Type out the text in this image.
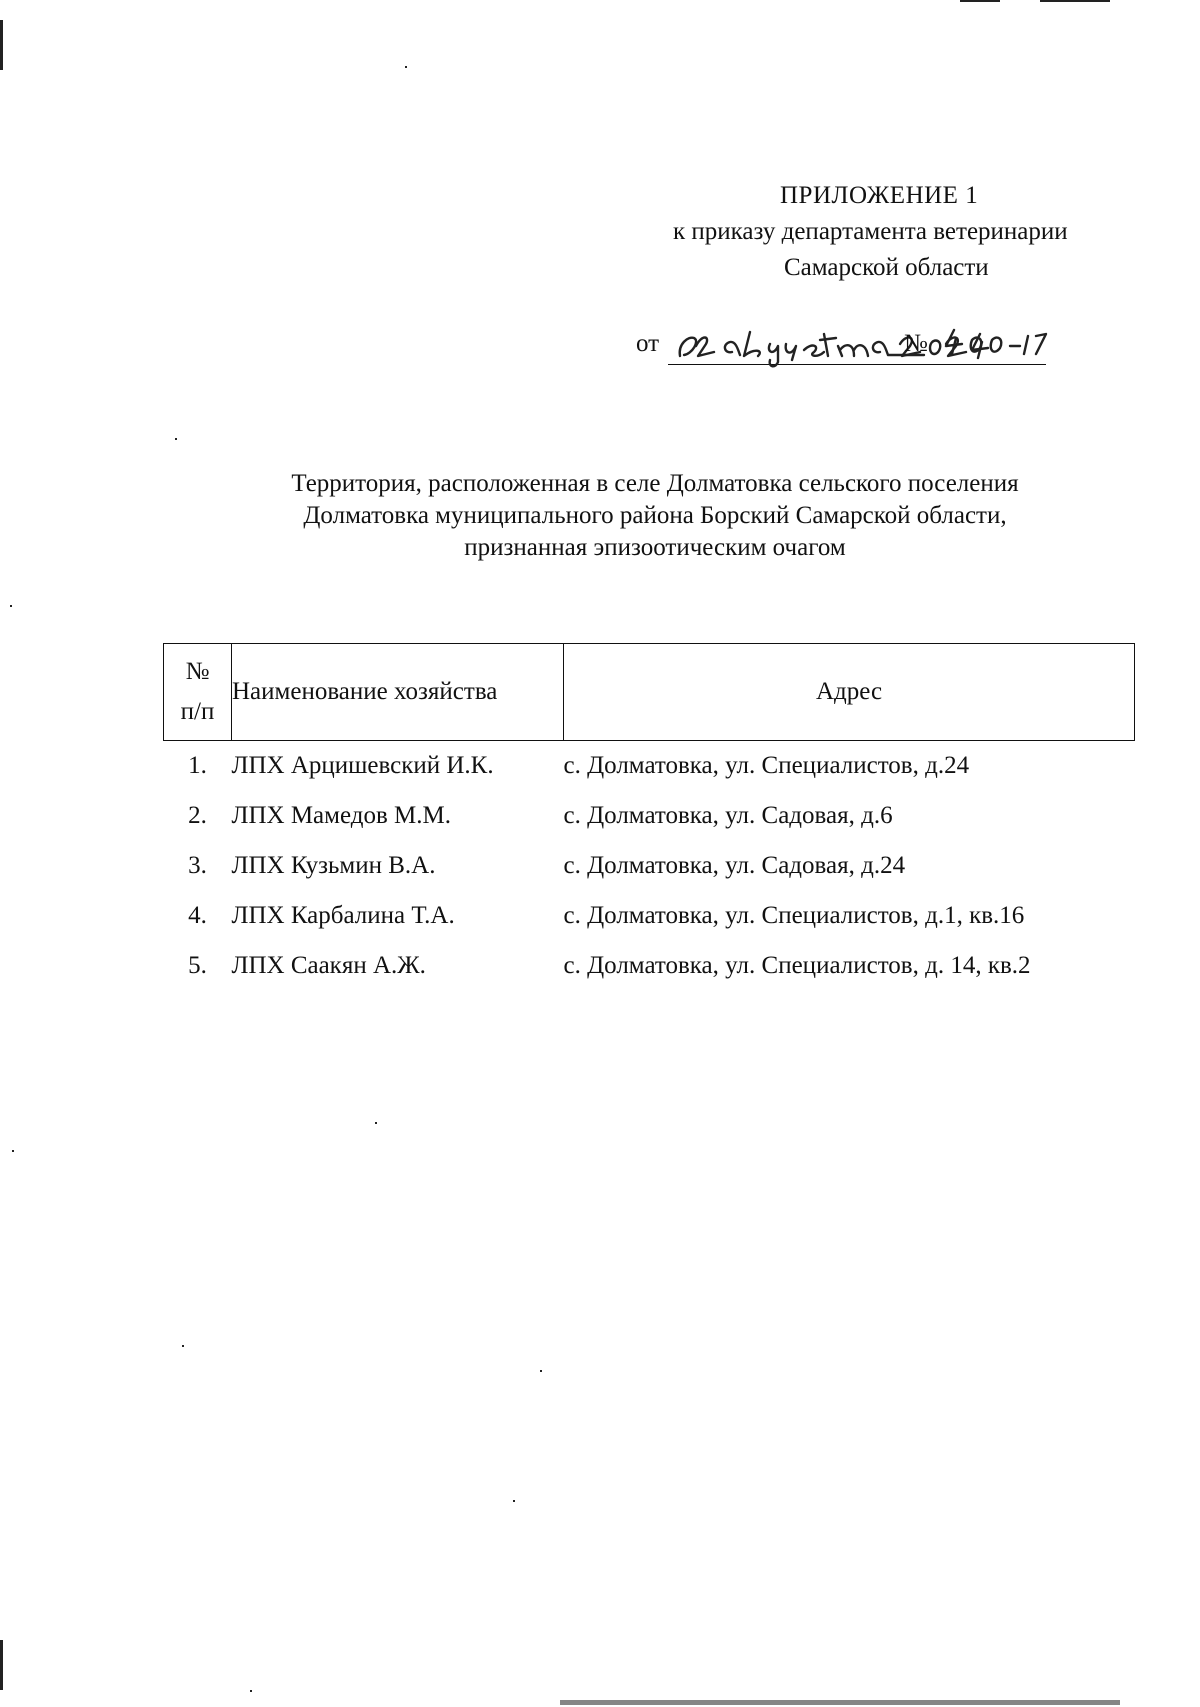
ПРИЛОЖЕНИЕ 1
к приказу департамента ветеринарии
Самарской области
от	№
Территория, расположенная в селе Долматовка сельского поселения
Долматовка муниципального района Борский Самарской области,
признанная эпизоотическим очагом
№
п/п	Наименование хозяйства	Адрес
1.	ЛПХ Арцишевский И.К.	с. Долматовка, ул. Специалистов, д.24
2.	ЛПХ Мамедов М.М.	с. Долматовка, ул. Садовая, д.6
3.	ЛПХ Кузьмин В.А.	с. Долматовка, ул. Садовая, д.24
4.	ЛПХ Карбалина Т.А.	с. Долматовка, ул. Специалистов, д.1, кв.16
5.	ЛПХ Саакян А.Ж.	с. Долматовка, ул. Специалистов, д. 14, кв.2
